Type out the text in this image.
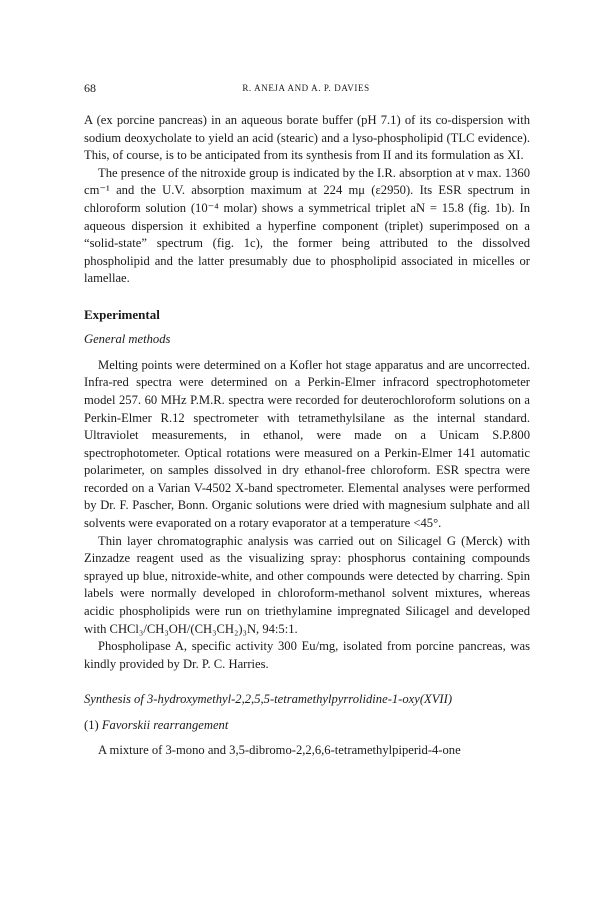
68	R. ANEJA AND A. P. DAVIES

A (ex porcine pancreas) in an aqueous borate buffer (pH 7.1) of its co-dispersion with sodium deoxycholate to yield an acid (stearic) and a lyso-phospholipid (TLC evidence). This, of course, is to be anticipated from its synthesis from II and its formulation as XI.

The presence of the nitroxide group is indicated by the I.R. absorption at ν max. 1360 cm⁻¹ and the U.V. absorption maximum at 224 mμ (ε2950). Its ESR spectrum in chloroform solution (10⁻⁴ molar) shows a symmetrical triplet aN = 15.8 (fig. 1b). In aqueous dispersion it exhibited a hyperfine component (triplet) superimposed on a “solid-state” spectrum (fig. 1c), the former being attributed to the dissolved phospholipid and the latter presumably due to phospholipid associated in micelles or lamellae.

Experimental
General methods

Melting points were determined on a Kofler hot stage apparatus and are uncorrected. Infra-red spectra were determined on a Perkin-Elmer infracord spectrophotometer model 257. 60 MHz P.M.R. spectra were recorded for deuterochloroform solutions on a Perkin-Elmer R.12 spectrometer with tetramethylsilane as the internal standard. Ultraviolet measurements, in ethanol, were made on a Unicam S.P.800 spectrophotometer. Optical rotations were measured on a Perkin-Elmer 141 automatic polarimeter, on samples dissolved in dry ethanol-free chloroform. ESR spectra were recorded on a Varian V-4502 X-band spectrometer. Elemental analyses were performed by Dr. F. Pascher, Bonn. Organic solutions were dried with magnesium sulphate and all solvents were evaporated on a rotary evaporator at a temperature <45°.

Thin layer chromatographic analysis was carried out on Silicagel G (Merck) with Zinzadze reagent used as the visualizing spray: phosphorus containing compounds sprayed up blue, nitroxide-white, and other compounds were detected by charring. Spin labels were normally developed in chloroform-methanol solvent mixtures, whereas acidic phospholipids were run on triethylamine impregnated Silicagel and developed with CHCl₃/CH₃OH/(CH₃CH₂)₃N, 94:5:1.

Phospholipase A, specific activity 300 Eu/mg, isolated from porcine pancreas, was kindly provided by Dr. P. C. Harries.

Synthesis of 3-hydroxymethyl-2,2,5,5-tetramethylpyrrolidine-1-oxy(XVII)
(1) Favorskii rearrangement

A mixture of 3-mono and 3,5-dibromo-2,2,6,6-tetramethylpiperid-4-one
